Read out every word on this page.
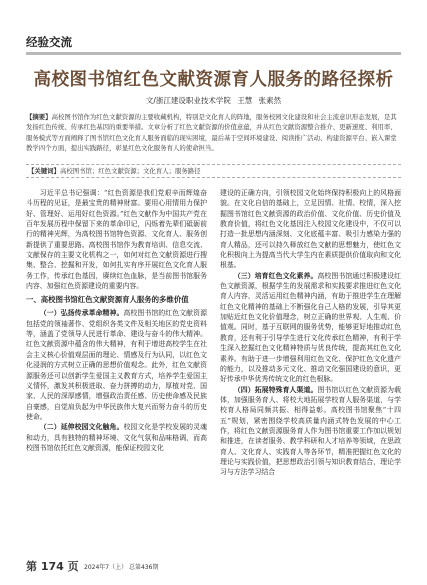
经验交流
高校图书馆红色文献资源育人服务的路径探析
文/浙江建设职业技术学院 王慧 张素然
【摘要】高校图书馆作为红色文献资源的主要收藏机构，特别是文化育人的阵地，服务校园文化建设和社会主流意识形态发展，是其发扬红色传统、传承红色基因的重要举措。文章分析了红色文献资源的价值意蕴，并从红色文献资源整合推介、更新速度、利用率、服务模式等方面阐释了图书馆红色文化育人服务面临的现实困境，最后基于空间环境建设、阅读推广活动、构建资源平台、嵌入课堂教学四个方面，提出实践路径，彰显红色文化服务育人的使命担当。
【关键词】高校图书馆；红色文献资源；文化育人；服务路径

习近平总书记强调：“红色资源是我们党艰辛而辉煌奋斗历程的见证，是最宝贵的精神财富。要用心用情用力保护好、管理好、运用好红色资源。”红色文献作为中国共产党在百年发展历程中保留下来的革命印记，闪烁着先辈们砥砺前行的精神光辉，为高校图书馆特色资源、文化育人、服务创新提供了重要思路。高校图书馆作为教育培训、信息交流、文献保存的主要文化机构之一，如何对红色文献资源进行搜集、整合、挖掘和开发，如何扎实有序开展红色文化育人服务工作，传承红色基因，赓续红色血脉，是当前图书馆服务内容、加强红色资源建设的重要内容。

一、高校图书馆红色文献资源育人服务的多维价值

（一）弘扬传承革命精神。高校图书馆的红色文献资源包括党的领袖著作、党组织各类文件及相关地区的党史资料等，涵盖了党领导人民进行革命、建设与奋斗的伟大精神。红色文献资源中蕴含的伟大精神，有利于增进高校学生在社会主义核心价值观层面的理论、情感及行为认同，以红色文化浸润的方式树立正确的思想价值观念。此外，红色文献资源服务还可以创新学生爱国主义教育方式，培养学生爱国主义情怀，激发其积极进取、奋力拼搏的动力，厚植对党、国家、人民的深厚感情，增强政治责任感、历史使命感及民族自豪感，自觉肩负起为中华民族伟大复兴而努力奋斗的历史使命。

（二）延伸校园文化触角。校园文化是学校发展的灵魂和动力，具有独特的精神环境、文化气氛和品味格调，而高校图书馆依托红色文献资源，能保证校园文化

建设的正确方向，引领校园文化始终保持积极向上的风格面貌。在文化自信的基础上，立足因情、社情、校情，深入挖掘图书馆红色文献资源的政治价值、文化价值、历史价值及教育价值，将红色文化基因注入校园文化建设中，不仅可以打造一批思想内涵深刻、文化底蕴丰富、吸引力感染力强的育人精品，还可以持久释放红色文献的思想魅力，使红色文化积极向上为提高当代大学生内在素质提供价值取向和文化根基。

（三）培育红色文化素养。高校图书馆通过积极建设红色文献资源，根据学生的发展需求和实践要求推进红色文化育人内容，灵活运用红色精神内涵，有助于推进学生在理解红色文化精神的基础上不断强化自己人格的发展，引导其更加贴近红色文化价值理念，树立正确的世界观、人生观、价值观。同时，基于互联网的服务优势，能够更好地推动红色教育，还有利于引导学生进行文化传承红色精神，有利于学生深入挖掘红色文化精神特质与优良传统，提高其红色文化素养。有助于进一步增强利用红色文化、保护红色文化遗产的能力，以及推动多元文化、推动文化强国建设的意识，更好传承中华优秀传统文化的红色根脉。

（四）拓展特殊育人渠道。图书馆以红色文献资源为载体，加强服务育人、将校大地拓展学校育人服务渠道，与学校育人格局同频共振、相得益彰。高校图书馆聚焦“十四五”规划，紧密围绕学校高质量内涵式特色发展的中心工作，将红色文献资源服务育人作为图书馆重要工作加以规划和推进，在读者服务、教学科研和人才培养等领域，在思政育人、文化育人、实践育人等各环节，精准把握红色文化的理论与实践价值，把思想政治引领与知识教育结合，理论学习与方法学习结合

第 174 页 2024年7（上） 总第436期
